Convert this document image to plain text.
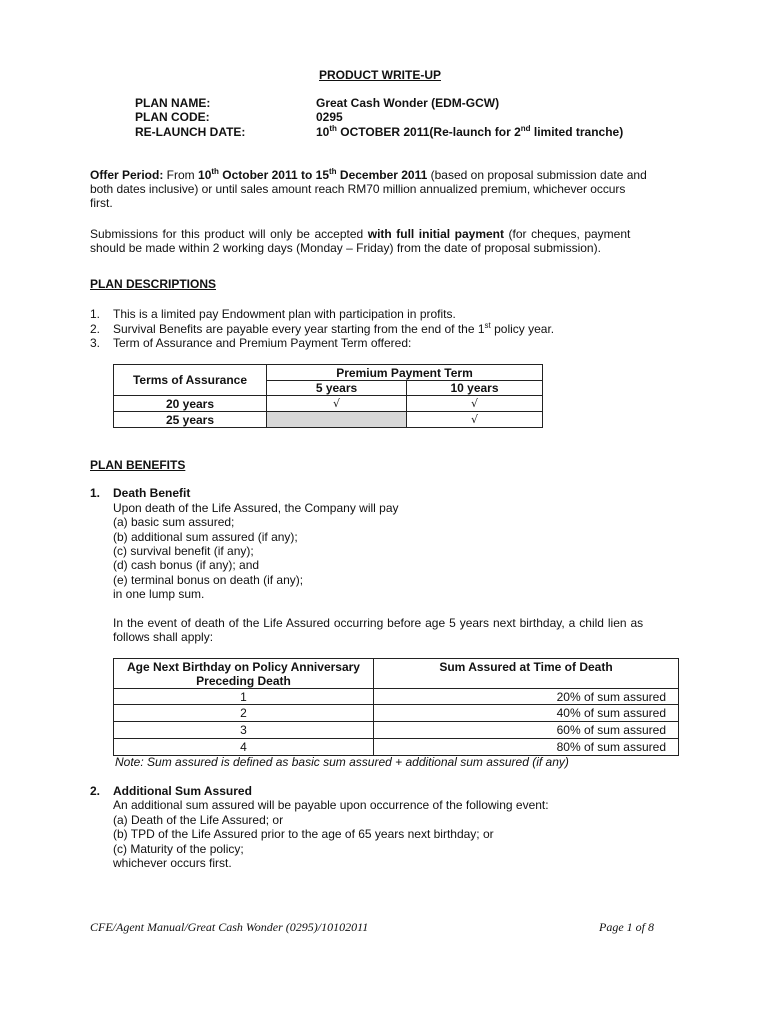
PRODUCT WRITE-UP
PLAN NAME:	Great Cash Wonder (EDM-GCW)
PLAN CODE:	0295
RE-LAUNCH DATE:	10th OCTOBER 2011(Re-launch for 2nd limited tranche)
Offer Period: From 10th October 2011 to 15th December 2011 (based on proposal submission date and
both dates inclusive) or until sales amount reach RM70 million annualized premium, whichever occurs
first.
Submissions for this product will only be accepted with full initial payment (for cheques, payment
should be made within 2 working days (Monday – Friday) from the date of proposal submission).
PLAN DESCRIPTIONS
1. This is a limited pay Endowment plan with participation in profits.
2. Survival Benefits are payable every year starting from the end of the 1st policy year.
3. Term of Assurance and Premium Payment Term offered:
Terms of Assurance	Premium Payment Term	
	5 years	10 years
20 years	√	√
25 years		√
PLAN BENEFITS
1. Death Benefit
Upon death of the Life Assured, the Company will pay
(a) basic sum assured;
(b) additional sum assured (if any);
(c) survival benefit (if any);
(d) cash bonus (if any); and
(e) terminal bonus on death (if any);
in one lump sum.
In the event of death of the Life Assured occurring before age 5 years next birthday, a child lien as
follows shall apply:
Age Next Birthday on Policy Anniversary
Preceding Death	Sum Assured at Time of Death
1	20% of sum assured
2	40% of sum assured
3	60% of sum assured
4	80% of sum assured
Note: Sum assured is defined as basic sum assured + additional sum assured (if any)
2. Additional Sum Assured
An additional sum assured will be payable upon occurrence of the following event:
(a) Death of the Life Assured; or
(b) TPD of the Life Assured prior to the age of 65 years next birthday; or
(c) Maturity of the policy;
whichever occurs first.
CFE/Agent Manual/Great Cash Wonder (0295)/10102011	Page 1 of 8
